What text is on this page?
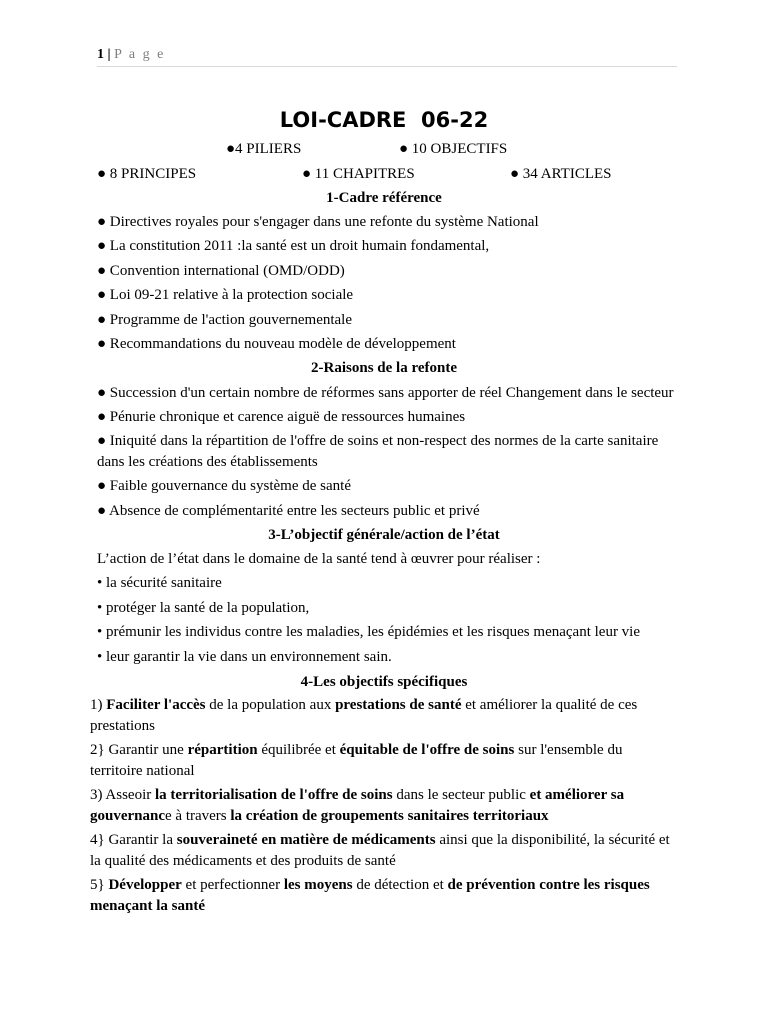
1 | P a g e
LOI-CADRE  06-22
●4 PILIERS	● 10 OBJECTIFS
● 8 PRINCIPES	● 11 CHAPITRES	● 34 ARTICLES
1-Cadre référence
● Directives royales pour s'engager dans une refonte du système National
● La constitution 2011 :la santé est un droit humain fondamental,
● Convention international (OMD/ODD)
● Loi 09-21 relative à la protection sociale
● Programme de l'action gouvernementale
● Recommandations du nouveau modèle de développement
2-Raisons de la refonte
● Succession d'un certain nombre de réformes sans apporter de réel Changement dans le secteur
● Pénurie chronique et carence aiguë de ressources humaines
● Iniquité dans la répartition de l'offre de soins et non-respect des normes de la carte sanitaire dans les créations des établissements
● Faible gouvernance du système de santé
● Absence de complémentarité entre les secteurs public et privé
3-L’objectif générale/action de l’état
L’action de l’état dans le domaine de la santé tend à œuvrer pour réaliser :
• la sécurité sanitaire
• protéger la santé de la population,
• prémunir les individus contre les maladies, les épidémies et les risques menaçant leur vie
• leur garantir la vie dans un environnement sain.
4-Les objectifs spécifiques
1) Faciliter l'accès de la population aux prestations de santé et améliorer la qualité de ces prestations
2} Garantir une répartition équilibrée et équitable de l'offre de soins sur l'ensemble du territoire national
3) Asseoir la territorialisation de l'offre de soins dans le secteur public et améliorer sa gouvernance à travers la création de groupements sanitaires territoriaux
4} Garantir la souveraineté en matière de médicaments ainsi que la disponibilité, la sécurité et la qualité des médicaments et des produits de santé
5} Développer et perfectionner les moyens de détection et de prévention contre les risques menaçant la santé
